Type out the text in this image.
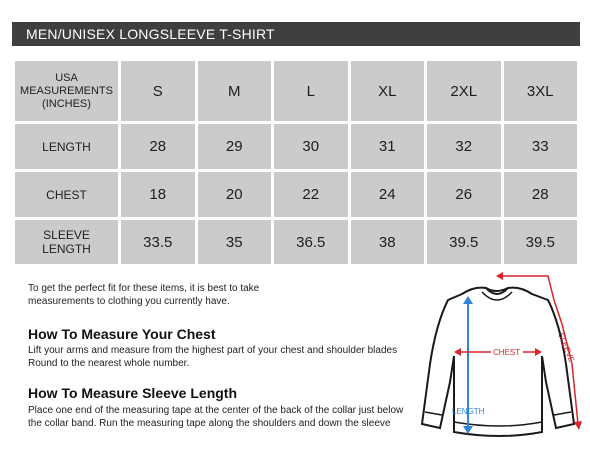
MEN/UNISEX LONGSLEEVE T-SHIRT
USA
MEASUREMENTS
(INCHES)	S	M	L	XL	2XL	3XL
LENGTH	28	29	30	31	32	33
CHEST	18	20	22	24	26	28
SLEEVE
LENGTH	33.5	35	36.5	38	39.5	39.5
To get the perfect fit for these items, it is best to take
measurements to clothing you currently have.
How To Measure Your Chest
Lift your arms and measure from the highest part of your chest and shoulder blades
Round to the nearest whole number.
How To Measure Sleeve Length
Place one end of the measuring tape at the center of the back of the collar just below
the collar band. Run the measuring tape along the shoulders and down the sleeve
LENGTH
CHEST	SLEEVE
